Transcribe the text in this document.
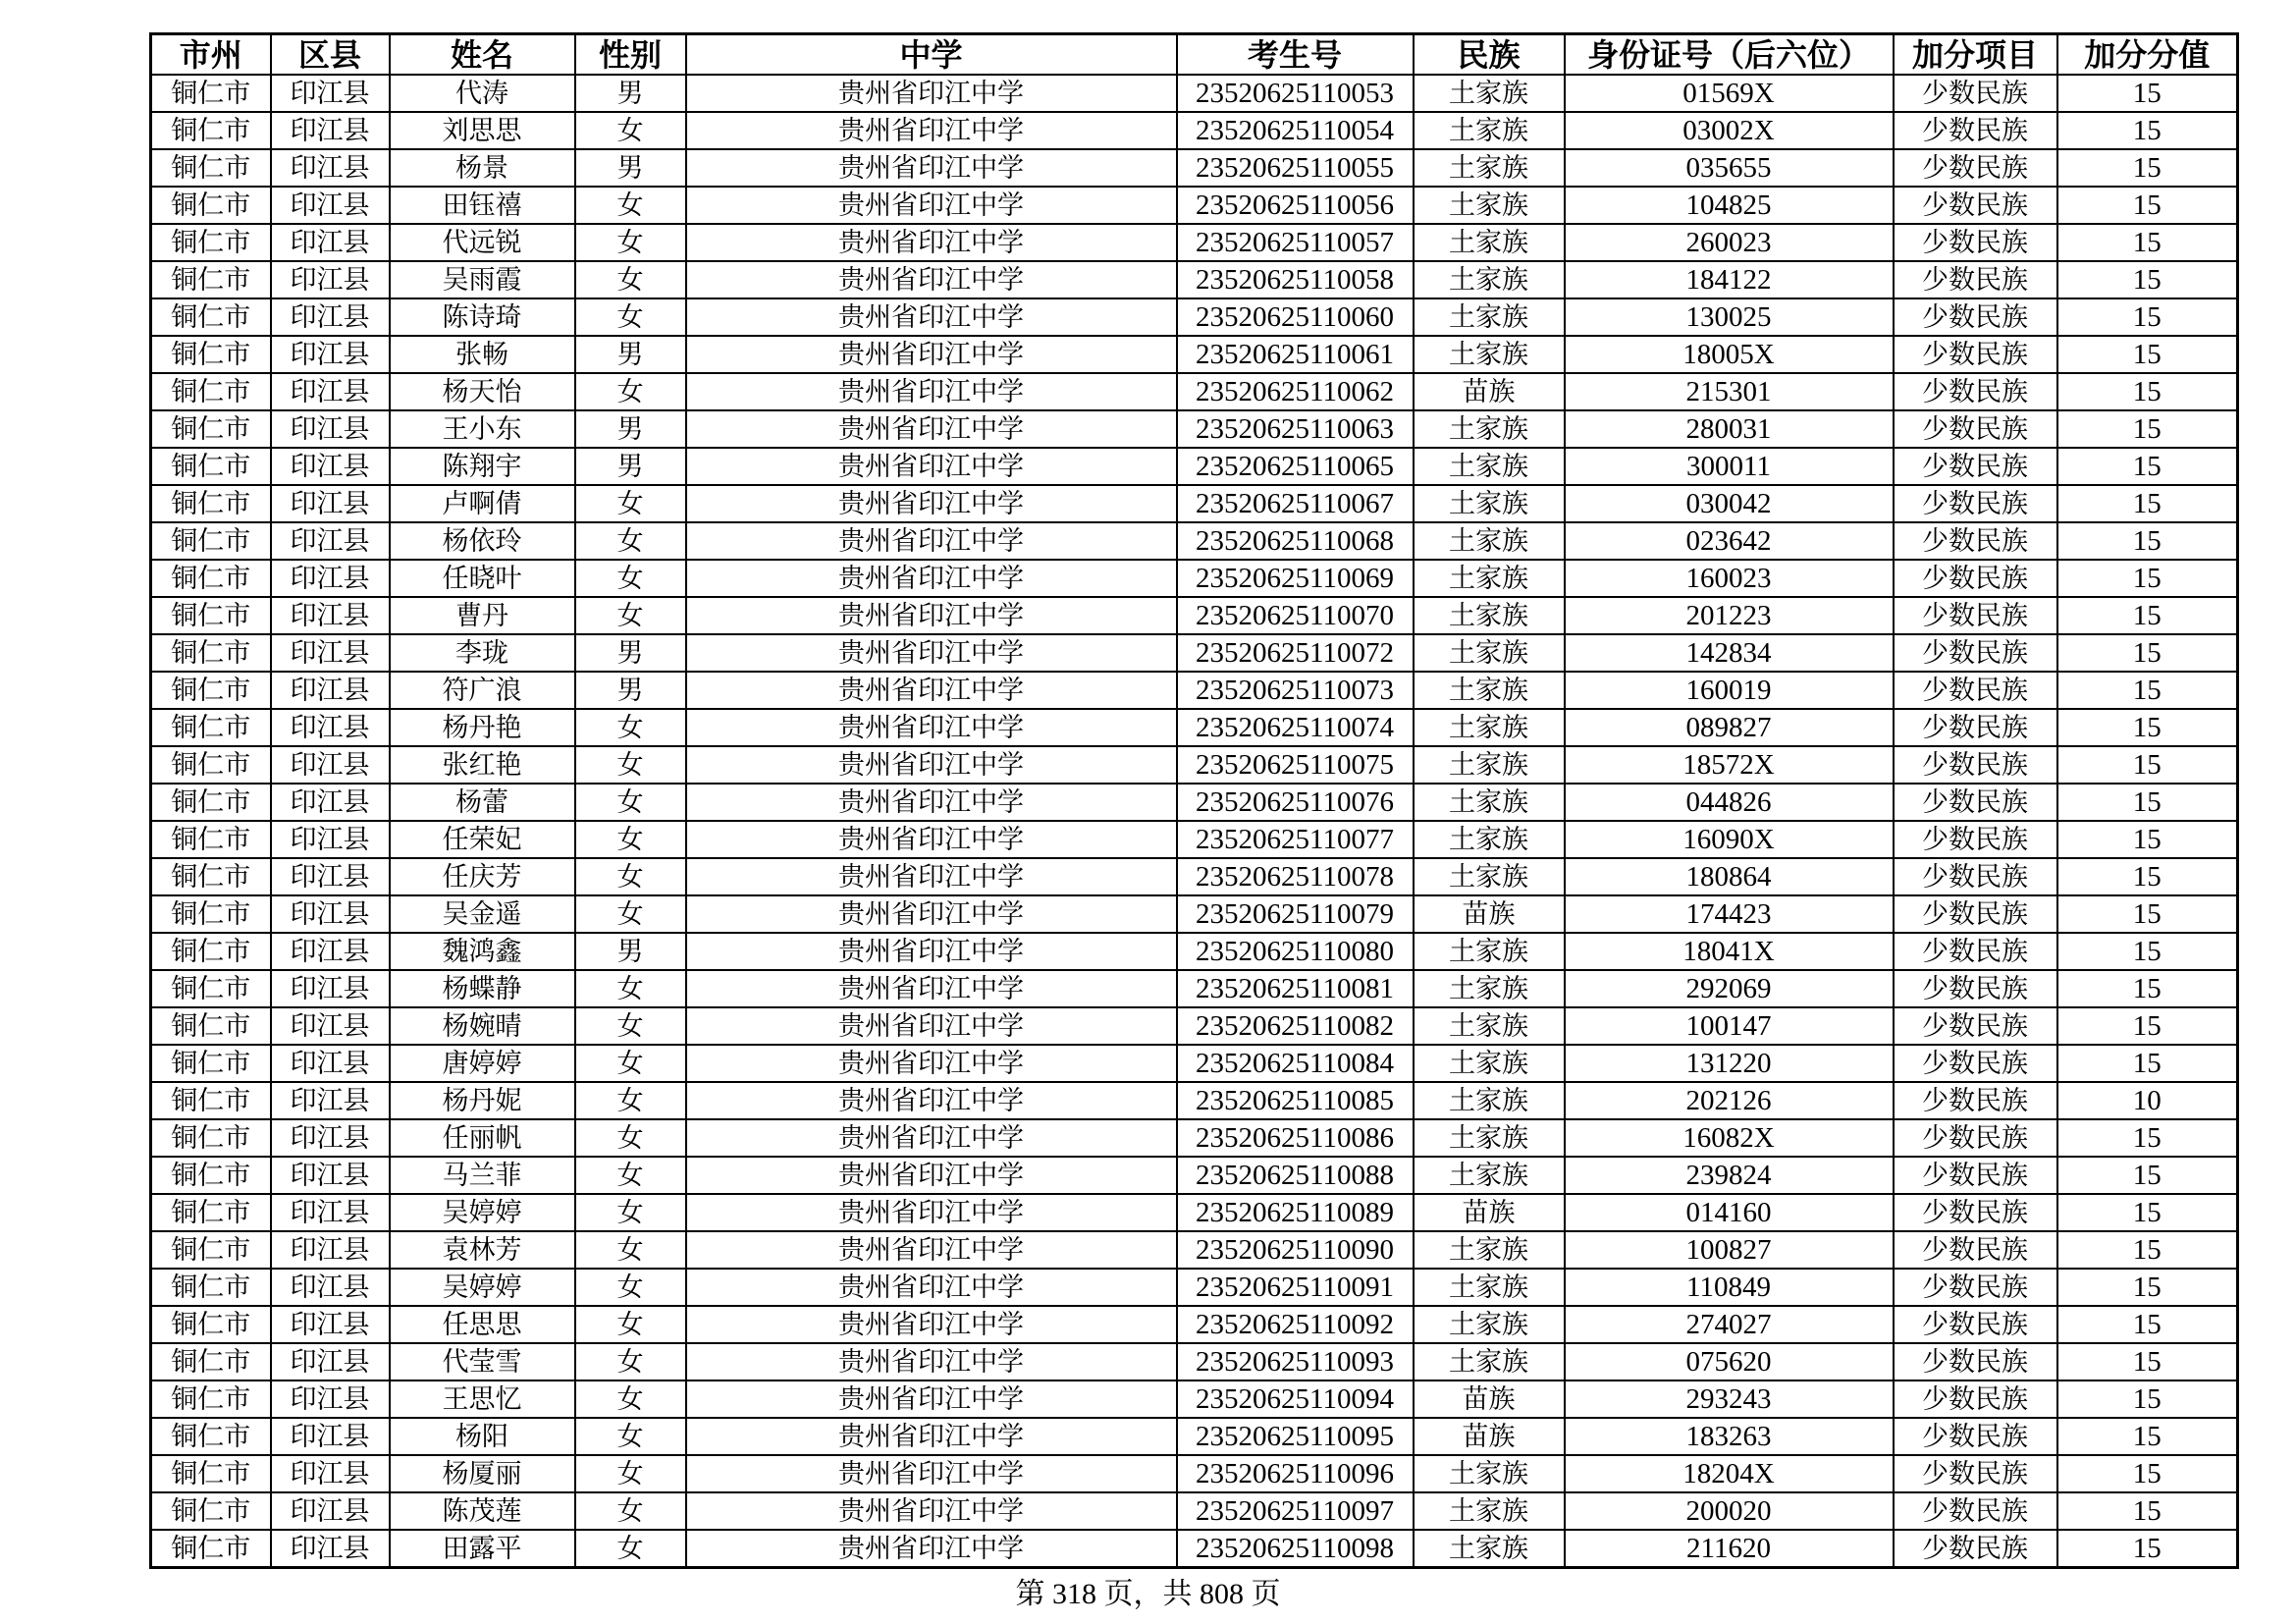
市州	区县	姓名	性别	中学	考生号	民族	身份证号（后六位）	加分项目	加分分值
铜仁市	印江县	代涛	男	贵州省印江中学	23520625110053	土家族	01569X	少数民族	15
铜仁市	印江县	刘思思	女	贵州省印江中学	23520625110054	土家族	03002X	少数民族	15
铜仁市	印江县	杨景	男	贵州省印江中学	23520625110055	土家族	035655	少数民族	15
铜仁市	印江县	田钰禧	女	贵州省印江中学	23520625110056	土家族	104825	少数民族	15
铜仁市	印江县	代远锐	女	贵州省印江中学	23520625110057	土家族	260023	少数民族	15
铜仁市	印江县	吴雨霞	女	贵州省印江中学	23520625110058	土家族	184122	少数民族	15
铜仁市	印江县	陈诗琦	女	贵州省印江中学	23520625110060	土家族	130025	少数民族	15
铜仁市	印江县	张畅	男	贵州省印江中学	23520625110061	土家族	18005X	少数民族	15
铜仁市	印江县	杨天怡	女	贵州省印江中学	23520625110062	苗族	215301	少数民族	15
铜仁市	印江县	王小东	男	贵州省印江中学	23520625110063	土家族	280031	少数民族	15
铜仁市	印江县	陈翔宇	男	贵州省印江中学	23520625110065	土家族	300011	少数民族	15
铜仁市	印江县	卢啊倩	女	贵州省印江中学	23520625110067	土家族	030042	少数民族	15
铜仁市	印江县	杨依玲	女	贵州省印江中学	23520625110068	土家族	023642	少数民族	15
铜仁市	印江县	任晓叶	女	贵州省印江中学	23520625110069	土家族	160023	少数民族	15
铜仁市	印江县	曹丹	女	贵州省印江中学	23520625110070	土家族	201223	少数民族	15
铜仁市	印江县	李珑	男	贵州省印江中学	23520625110072	土家族	142834	少数民族	15
铜仁市	印江县	符广浪	男	贵州省印江中学	23520625110073	土家族	160019	少数民族	15
铜仁市	印江县	杨丹艳	女	贵州省印江中学	23520625110074	土家族	089827	少数民族	15
铜仁市	印江县	张红艳	女	贵州省印江中学	23520625110075	土家族	18572X	少数民族	15
铜仁市	印江县	杨蕾	女	贵州省印江中学	23520625110076	土家族	044826	少数民族	15
铜仁市	印江县	任荣妃	女	贵州省印江中学	23520625110077	土家族	16090X	少数民族	15
铜仁市	印江县	任庆芳	女	贵州省印江中学	23520625110078	土家族	180864	少数民族	15
铜仁市	印江县	吴金遥	女	贵州省印江中学	23520625110079	苗族	174423	少数民族	15
铜仁市	印江县	魏鸿鑫	男	贵州省印江中学	23520625110080	土家族	18041X	少数民族	15
铜仁市	印江县	杨蝶静	女	贵州省印江中学	23520625110081	土家族	292069	少数民族	15
铜仁市	印江县	杨婉晴	女	贵州省印江中学	23520625110082	土家族	100147	少数民族	15
铜仁市	印江县	唐婷婷	女	贵州省印江中学	23520625110084	土家族	131220	少数民族	15
铜仁市	印江县	杨丹妮	女	贵州省印江中学	23520625110085	土家族	202126	少数民族	10
铜仁市	印江县	任丽帆	女	贵州省印江中学	23520625110086	土家族	16082X	少数民族	15
铜仁市	印江县	马兰菲	女	贵州省印江中学	23520625110088	土家族	239824	少数民族	15
铜仁市	印江县	吴婷婷	女	贵州省印江中学	23520625110089	苗族	014160	少数民族	15
铜仁市	印江县	袁林芳	女	贵州省印江中学	23520625110090	土家族	100827	少数民族	15
铜仁市	印江县	吴婷婷	女	贵州省印江中学	23520625110091	土家族	110849	少数民族	15
铜仁市	印江县	任思思	女	贵州省印江中学	23520625110092	土家族	274027	少数民族	15
铜仁市	印江县	代莹雪	女	贵州省印江中学	23520625110093	土家族	075620	少数民族	15
铜仁市	印江县	王思忆	女	贵州省印江中学	23520625110094	苗族	293243	少数民族	15
铜仁市	印江县	杨阳	女	贵州省印江中学	23520625110095	苗族	183263	少数民族	15
铜仁市	印江县	杨厦丽	女	贵州省印江中学	23520625110096	土家族	18204X	少数民族	15
铜仁市	印江县	陈茂莲	女	贵州省印江中学	23520625110097	土家族	200020	少数民族	15
铜仁市	印江县	田露平	女	贵州省印江中学	23520625110098	土家族	211620	少数民族	15
第 318 页，共 808 页
